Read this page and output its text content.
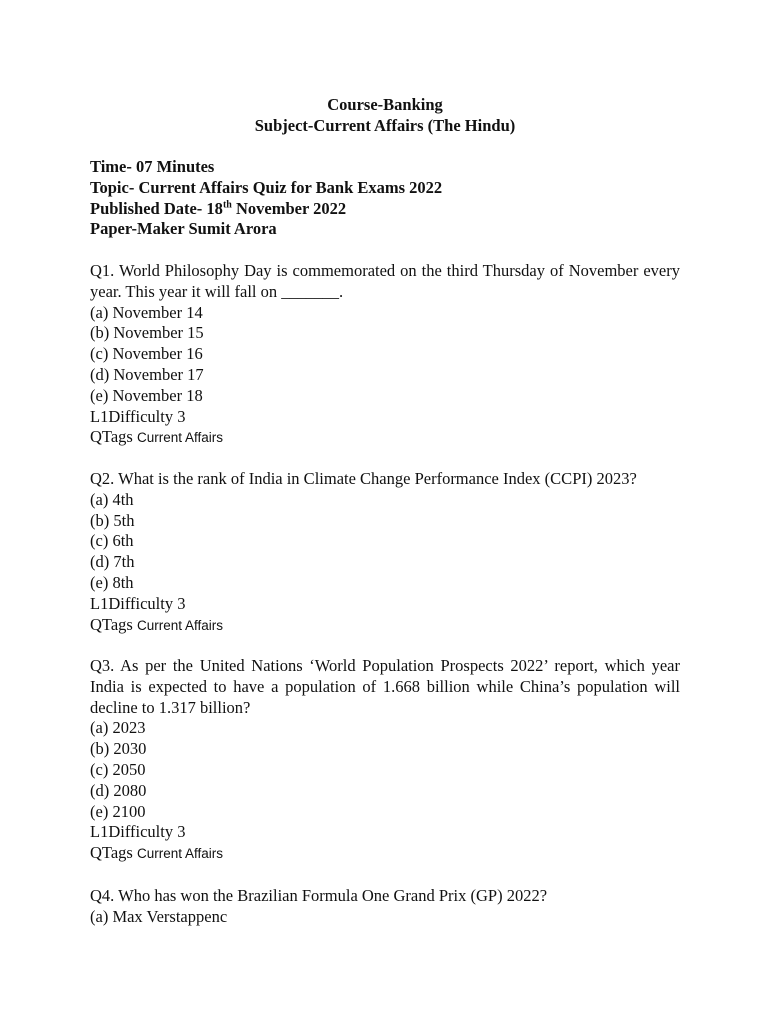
Course-Banking
Subject-Current Affairs (The Hindu)
Time- 07 Minutes
Topic- Current Affairs Quiz for Bank Exams 2022
Published Date- 18th November 2022
Paper-Maker Sumit Arora
Q1. World Philosophy Day is commemorated on the third Thursday of November every year. This year it will fall on _______.
(a) November 14
(b) November 15
(c) November 16
(d) November 17
(e) November 18
L1Difficulty 3
QTags Current Affairs
Q2. What is the rank of India in Climate Change Performance Index (CCPI) 2023?
(a) 4th
(b) 5th
(c) 6th
(d) 7th
(e) 8th
L1Difficulty 3
QTags Current Affairs
Q3. As per the United Nations ‘World Population Prospects 2022’ report, which year India is expected to have a population of 1.668 billion while China’s population will decline to 1.317 billion?
(a) 2023
(b) 2030
(c) 2050
(d) 2080
(e) 2100
L1Difficulty 3
QTags Current Affairs
Q4. Who has won the Brazilian Formula One Grand Prix (GP) 2022?
(a) Max Verstappenc
